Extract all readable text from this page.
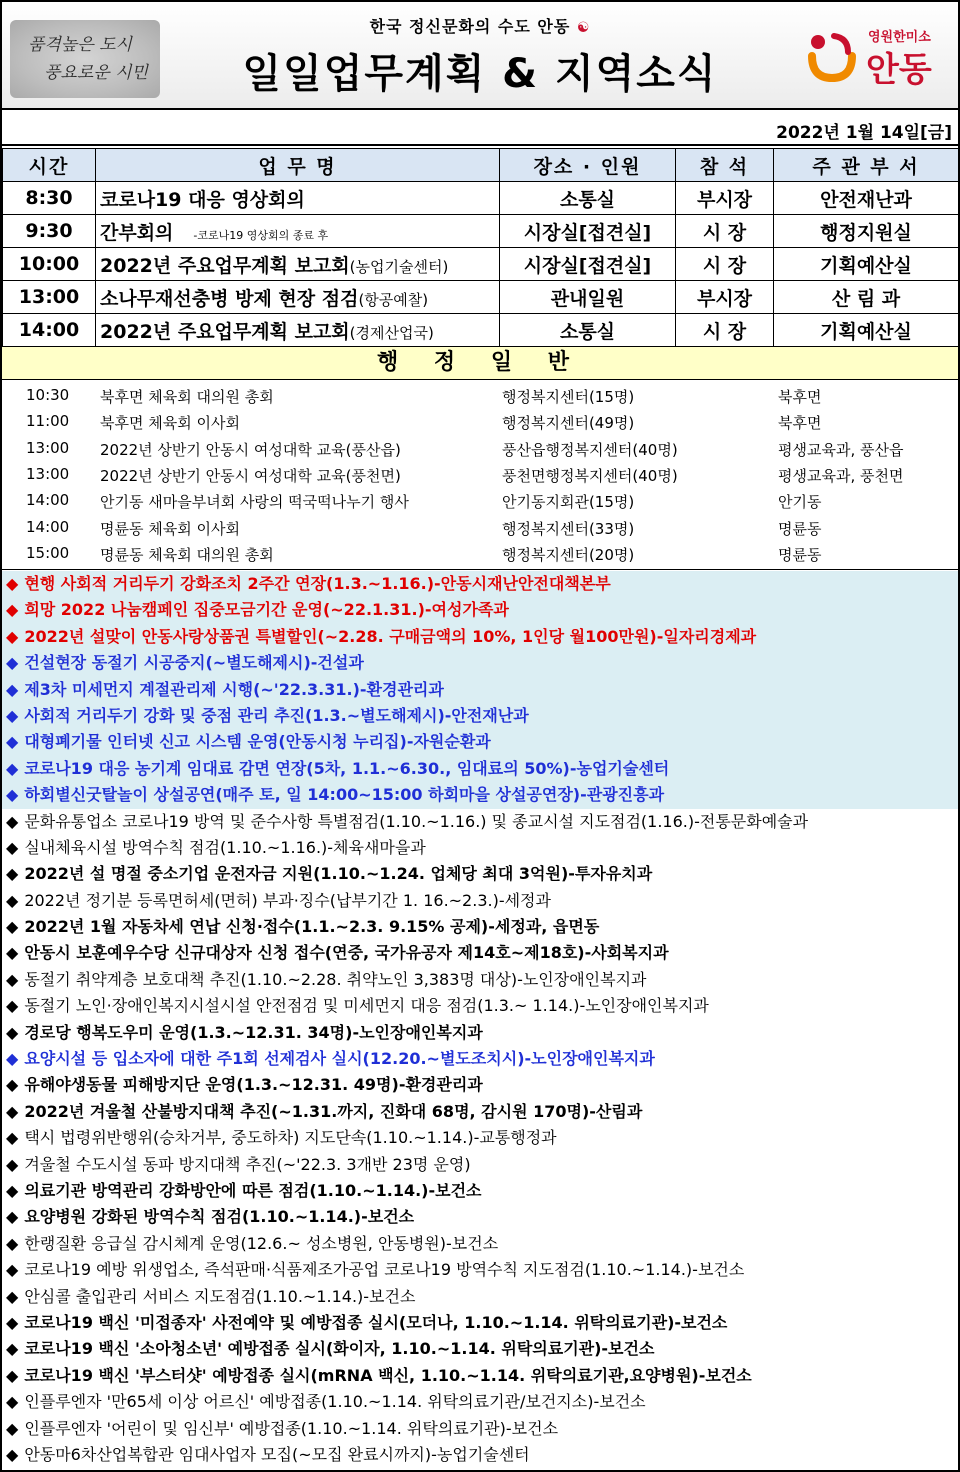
품격높은 도시
풍요로운 시민
한국 정신문화의 수도 안동 ☯
일일업무계획 & 지역소식
영원한미소
안동
2022년 1월 14일[금]
시간	업 무 명	장소 · 인원	참 석	주 관 부 서
8:30	코로나19 대응 영상회의	소통실	부시장	안전재난과
9:30	간부회의 -코로나19 영상회의 종료 후	시장실[접견실]	시 장	행정지원실
10:00	2022년 주요업무계획 보고회(농업기술센터)	시장실[접견실]	시 장	기획예산실
13:00	소나무재선충병 방제 현장 점검(항공예찰)	관내일원	부시장	산 림 과
14:00	2022년 주요업무계획 보고회(경제산업국)	소통실	시 장	기획예산실
행 정 일 반
10:30 북후면 체육회 대의원 총회	행정복지센터(15명)	북후면
11:00 북후면 체육회 이사회	행정복지센터(49명)	북후면
13:00 2022년 상반기 안동시 여성대학 교육(풍산읍)	풍산읍행정복지센터(40명)	평생교육과, 풍산읍
13:00 2022년 상반기 안동시 여성대학 교육(풍천면)	풍천면행정복지센터(40명)	평생교육과, 풍천면
14:00 안기동 새마을부녀회 사랑의 떡국떡나누기 행사	안기동지회관(15명)	안기동
14:00 명륜동 체육회 이사회	행정복지센터(33명)	명륜동
15:00 명륜동 체육회 대의원 총회	행정복지센터(20명)	명륜동
◆ 현행 사회적 거리두기 강화조치 2주간 연장(1.3.~1.16.)-안동시재난안전대책본부
◆ 희망 2022 나눔캠페인 집중모금기간 운영(~22.1.31.)-여성가족과
◆ 2022년 설맞이 안동사랑상품권 특별할인(~2.28. 구매금액의 10%, 1인당 월100만원)-일자리경제과
◆ 건설현장 동절기 시공중지(~별도해제시)-건설과
◆ 제3차 미세먼지 계절관리제 시행(~'22.3.31.)-환경관리과
◆ 사회적 거리두기 강화 및 중점 관리 추진(1.3.~별도해제시)-안전재난과
◆ 대형폐기물 인터넷 신고 시스템 운영(안동시청 누리집)-자원순환과
◆ 코로나19 대응 농기계 임대료 감면 연장(5차, 1.1.~6.30., 임대료의 50%)-농업기술센터
◆ 하회별신굿탈놀이 상설공연(매주 토, 일 14:00~15:00 하회마을 상설공연장)-관광진흥과
◆ 문화유통업소 코로나19 방역 및 준수사항 특별점검(1.10.~1.16.) 및 종교시설 지도점검(1.16.)-전통문화예술과
◆ 실내체육시설 방역수칙 점검(1.10.~1.16.)-체육새마을과
◆ 2022년 설 명절 중소기업 운전자금 지원(1.10.~1.24. 업체당 최대 3억원)-투자유치과
◆ 2022년 정기분 등록면허세(면허) 부과·징수(납부기간 1. 16.~2.3.)-세정과
◆ 2022년 1월 자동차세 연납 신청·접수(1.1.~2.3. 9.15% 공제)-세정과, 읍면동
◆ 안동시 보훈예우수당 신규대상자 신청 접수(연중, 국가유공자 제14호~제18호)-사회복지과
◆ 동절기 취약계층 보호대책 추진(1.10.~2.28. 취약노인 3,383명 대상)-노인장애인복지과
◆ 동절기 노인·장애인복지시설시설 안전점검 및 미세먼지 대응 점검(1.3.~ 1.14.)-노인장애인복지과
◆ 경로당 행복도우미 운영(1.3.~12.31. 34명)-노인장애인복지과
◆ 요양시설 등 입소자에 대한 주1회 선제검사 실시(12.20.~별도조치시)-노인장애인복지과
◆ 유해야생동물 피해방지단 운영(1.3.~12.31. 49명)-환경관리과
◆ 2022년 겨울철 산불방지대책 추진(~1.31.까지, 진화대 68명, 감시원 170명)-산림과
◆ 택시 법령위반행위(승차거부, 중도하차) 지도단속(1.10.~1.14.)-교통행정과
◆ 겨울철 수도시설 동파 방지대책 추진(~'22.3. 3개반 23명 운영)
◆ 의료기관 방역관리 강화방안에 따른 점검(1.10.~1.14.)-보건소
◆ 요양병원 강화된 방역수칙 점검(1.10.~1.14.)-보건소
◆ 한랭질환 응급실 감시체계 운영(12.6.~ 성소병원, 안동병원)-보건소
◆ 코로나19 예방 위생업소, 즉석판매·식품제조가공업 코로나19 방역수칙 지도점검(1.10.~1.14.)-보건소
◆ 안심콜 출입관리 서비스 지도점검(1.10.~1.14.)-보건소
◆ 코로나19 백신 '미접종자' 사전예약 및 예방접종 실시(모더나, 1.10.~1.14. 위탁의료기관)-보건소
◆ 코로나19 백신 '소아청소년' 예방접종 실시(화이자, 1.10.~1.14. 위탁의료기관)-보건소
◆ 코로나19 백신 '부스터샷' 예방접종 실시(mRNA 백신, 1.10.~1.14. 위탁의료기관,요양병원)-보건소
◆ 인플루엔자 '만65세 이상 어르신' 예방접종(1.10.~1.14. 위탁의료기관/보건지소)-보건소
◆ 인플루엔자 '어린이 및 임신부' 예방접종(1.10.~1.14. 위탁의료기관)-보건소
◆ 안동마6차산업복합관 임대사업자 모집(~모집 완료시까지)-농업기술센터
